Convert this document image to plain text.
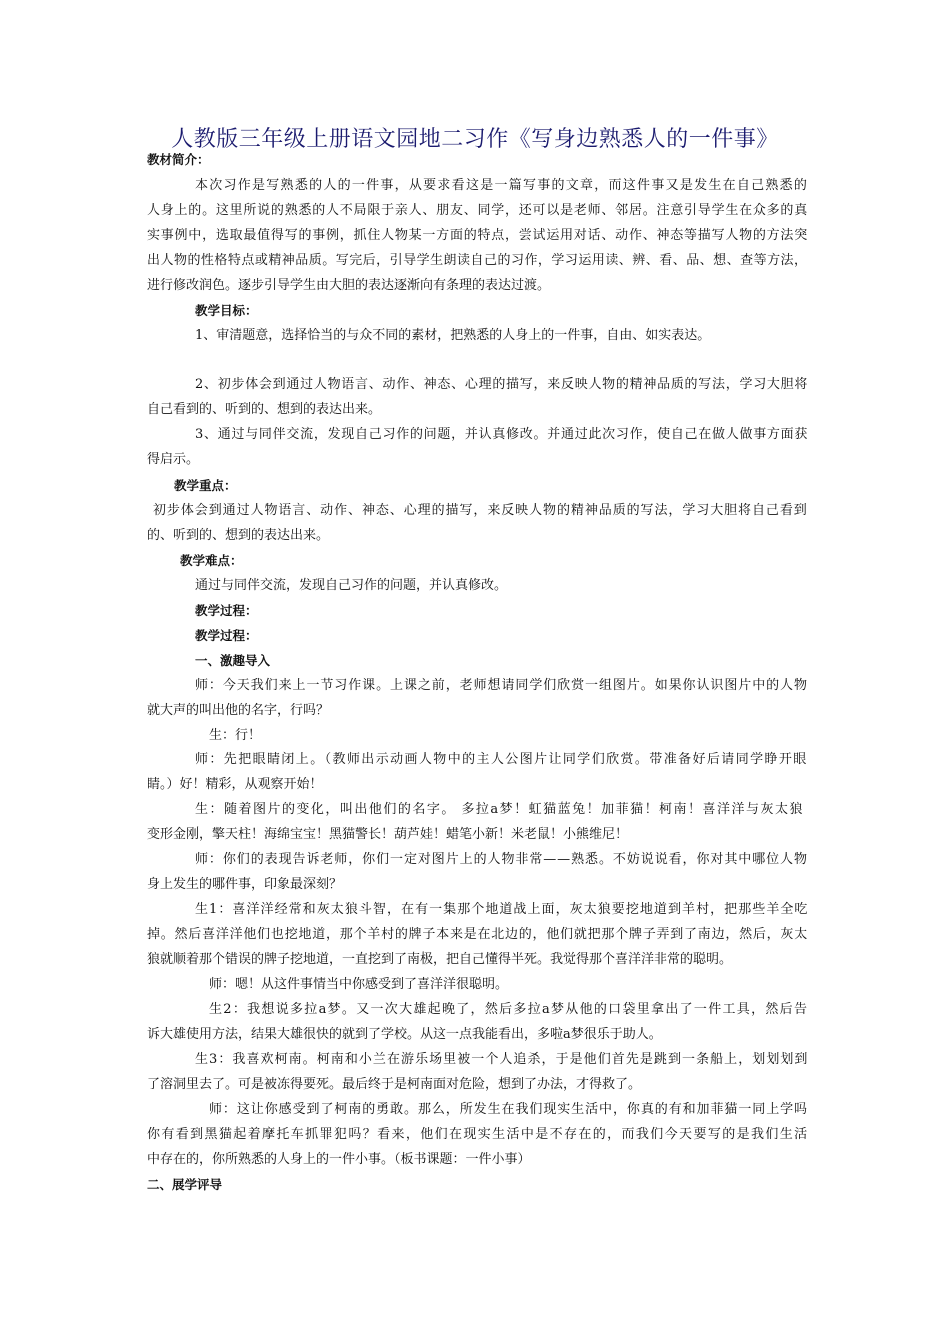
人教版三年级上册语文园地二习作《写身边熟悉人的一件事》
教材简介：
本次习作是写熟悉的人的一件事，从要求看这是一篇写事的文章，而这件事又是发生在自己熟悉的
人身上的。这里所说的熟悉的人不局限于亲人、朋友、同学，还可以是老师、邻居。注意引导学生在众多的真
实事例中，选取最值得写的事例，抓住人物某一方面的特点，尝试运用对话、动作、神态等描写人物的方法突
出人物的性格特点或精神品质。写完后，引导学生朗读自己的习作，学习运用读、辨、看、品、想、查等方法，
进行修改润色。逐步引导学生由大胆的表达逐渐向有条理的表达过渡。
教学目标：
1、审清题意，选择恰当的与众不同的素材，把熟悉的人身上的一件事，自由、如实表达。
2、初步体会到通过人物语言、动作、神态、心理的描写，来反映人物的精神品质的写法，学习大胆将
自己看到的、听到的、想到的表达出来。
3、通过与同伴交流，发现自己习作的问题，并认真修改。并通过此次习作，使自己在做人做事方面获
得启示。
教学重点：
初步体会到通过人物语言、动作、神态、心理的描写，来反映人物的精神品质的写法，学习大胆将自己看到
的、听到的、想到的表达出来。
教学难点：
通过与同伴交流，发现自己习作的问题，并认真修改。
教学过程：
教学过程：
一、激趣导入
师：今天我们来上一节习作课。上课之前，老师想请同学们欣赏一组图片。如果你认识图片中的人物
就大声的叫出他的名字，行吗？
生：行！
师：先把眼睛闭上。（教师出示动画人物中的主人公图片让同学们欣赏。带准备好后请同学睁开眼
睛。）好！精彩，从观察开始！
生：随着图片的变化，叫出他们的名字。 多拉a梦！虹猫蓝兔！加菲猫！柯南！喜洋洋与灰太狼
变形金刚，擎天柱！海绵宝宝！黑猫警长！葫芦娃！蜡笔小新！米老鼠！小熊维尼！
师：你们的表现告诉老师，你们一定对图片上的人物非常——熟悉。不妨说说看，你对其中哪位人物
身上发生的哪件事，印象最深刻？
生1：喜洋洋经常和灰太狼斗智，在有一集那个地道战上面，灰太狼要挖地道到羊村，把那些羊全吃
掉。然后喜洋洋他们也挖地道，那个羊村的牌子本来是在北边的，他们就把那个牌子弄到了南边，然后，灰太
狼就顺着那个错误的牌子挖地道，一直挖到了南极，把自己懂得半死。我觉得那个喜洋洋非常的聪明。
师：嗯！从这件事情当中你感受到了喜洋洋很聪明。
生2：我想说多拉a梦。又一次大雄起晚了，然后多拉a梦从他的口袋里拿出了一件工具，然后告
诉大雄使用方法，结果大雄很快的就到了学校。从这一点我能看出，多啦a梦很乐于助人。
生3：我喜欢柯南。柯南和小兰在游乐场里被一个人追杀，于是他们首先是跳到一条船上，划划划到
了溶洞里去了。可是被冻得要死。最后终于是柯南面对危险，想到了办法，才得救了。
师：这让你感受到了柯南的勇敢。那么，所发生在我们现实生活中，你真的有和加菲猫一同上学吗
你有看到黑猫起着摩托车抓罪犯吗？看来，他们在现实生活中是不存在的，而我们今天要写的是我们生活
中存在的，你所熟悉的人身上的一件小事。（板书课题：一件小事）
二、展学评导
